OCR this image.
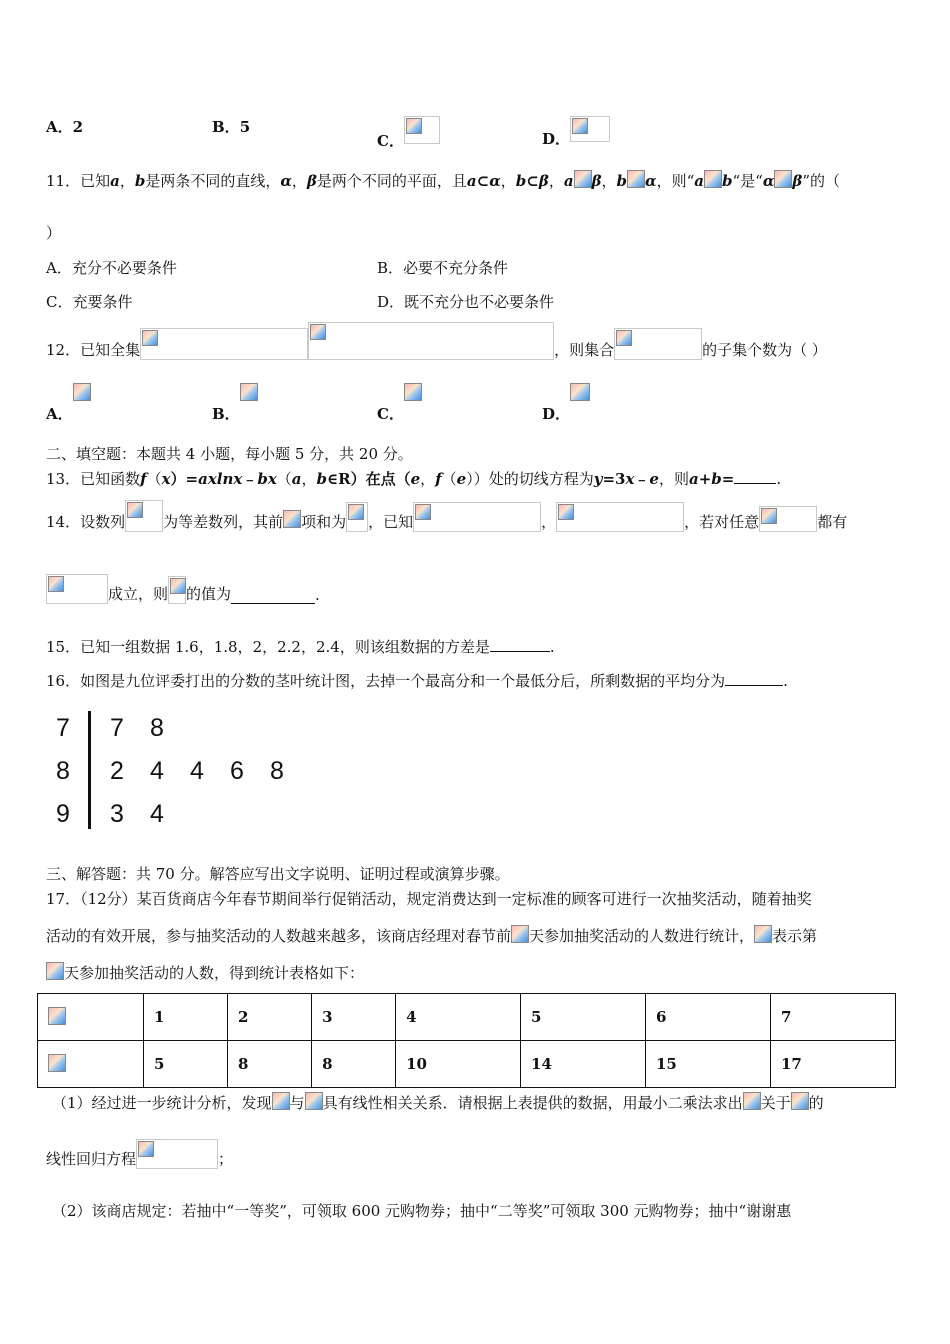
A．2	B．5
C．	D．
11．已知a，b是两条不同的直线，α，β是两个不同的平面，且a⊂α，b⊂β，a β，b α，则“a b“是“α β”的（
）
A．充分不必要条件	B．必要不充分条件
C．充要条件	D．既不充分也不必要条件
12．已知全集	，则集合	的子集个数为（ ）
A．	B．	C．	D．
二、填空题：本题共 4 小题，每小题 5 分，共 20 分。
13．已知函数f（x）=axlnx﹣bx（a，b∈R）在点（e，f（e））处的切线方程为y=3x﹣e，则a+b=	.
14．设数列	为等差数列，其前 项和为 ，已知	，	，若对任意	都有
成立，则 的值为	.
15．已知一组数据 1.6，1.8，2，2.2，2.4，则该组数据的方差是	.
16．如图是九位评委打出的分数的茎叶统计图，去掉一个最高分和一个最低分后，所剩数据的平均分为	.
7 7 8
8 2 4 4 6 8
9 3 4
三、解答题：共 70 分。解答应写出文字说明、证明过程或演算步骤。
17．（12分）某百货商店今年春节期间举行促销活动，规定消费达到一定标准的顾客可进行一次抽奖活动，随着抽奖
活动的有效开展，参与抽奖活动的人数越来越多，该商店经理对春节前 天参加抽奖活动的人数进行统计， 表示第
天参加抽奖活动的人数，得到统计表格如下：
	1	2	3	4	5	6	7
	5	8	8	10	14	15	17
（1）经过进一步统计分析，发现 与 具有线性相关关系．请根据上表提供的数据，用最小二乘法求出 关于 的
线性回归方程	；
（2）该商店规定：若抽中“一等奖”，可领取 600 元购物券；抽中“二等奖”可领取 300 元购物券；抽中“谢谢惠
